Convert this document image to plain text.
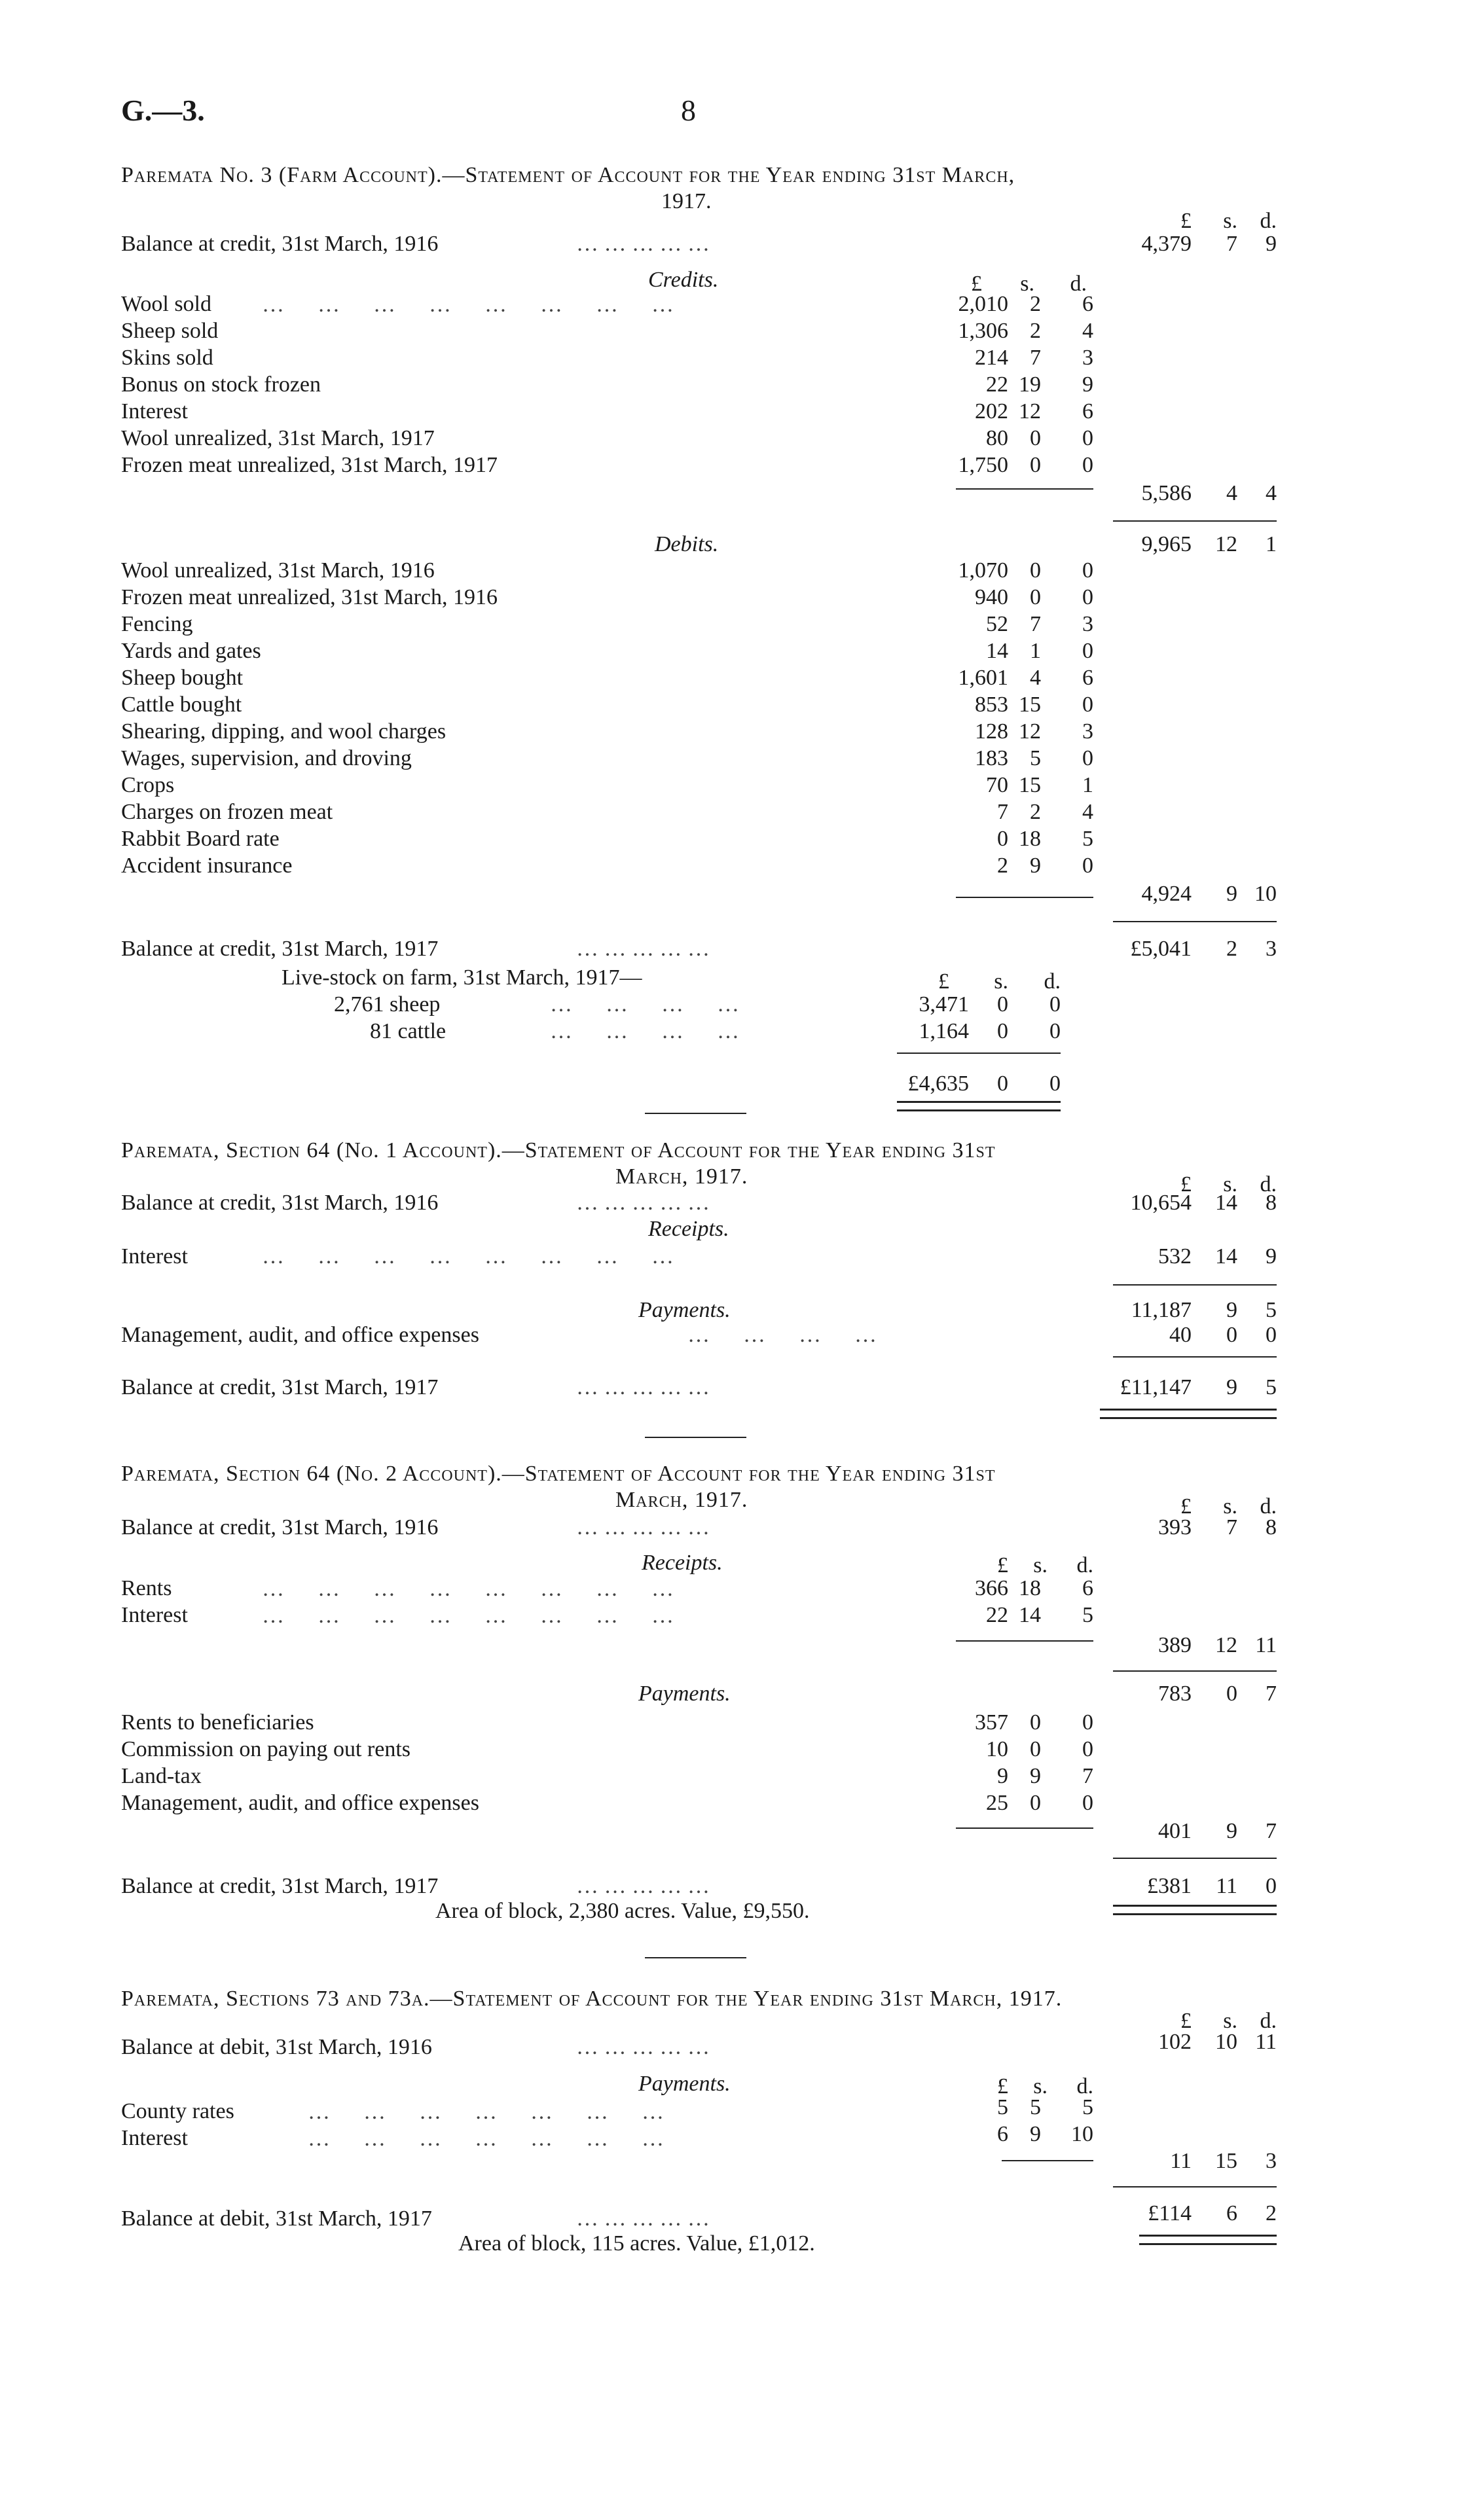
G.—3.	8
Paremata No. 3 (Farm Account).—Statement of Account for the Year ending 31st March,
1917.
£	s.	d.
Balance at credit, 31st March, 1916	… … … … …	4,379	7	9
Credits.	£	s.	d.
Wool sold	2,010 2	6
Sheep sold	1,306 2	4
Skins sold	214 7	3
Bonus on stock frozen	22 19	9
Interest	202 12	6
Wool unrealized, 31st March, 1917	80 0	0
Frozen meat unrealized, 31st March, 1917	1,750 0	0
…      …      …      …      …      …      …      …
5,586	4	4
Debits.	9,965	12	1
Wool unrealized, 31st March, 1916	1,070 0	0
Frozen meat unrealized, 31st March, 1916	940 0	0
Fencing	52 7	3
Yards and gates	14 1	0
Sheep bought	1,601 4	6
Cattle bought	853 15	0
Shearing, dipping, and wool charges	128 12	3
Wages, supervision, and droving	183 5	0
Crops	70 15	1
Charges on frozen meat	7 2	4
Rabbit Board rate	0 18	5
Accident insurance	2 9	0
4,924	9 10
Balance at credit, 31st March, 1917	… … … … …	£5,041	2	3
Live-stock on farm, 31st March, 1917—	£	s.	d.
2,761 sheep	…      …      …      …	3,471	0	0
81 cattle	…      …      …      …	1,164	0	0
£4,635	0	0
Paremata, Section 64 (No. 1 Account).—Statement of Account for the Year ending 31st
March, 1917.	£	s.	d.
Balance at credit, 31st March, 1916	… … … … …	10,654	14	8
Receipts.
Interest	…      …      …      …      …      …      …      …	532	14	9
Payments.	11,187	9	5
Management, audit, and office expenses	…      …      …      …	40	0	0
Balance at credit, 31st March, 1917	… … … … …	£11,147	9	5
Paremata, Section 64 (No. 2 Account).—Statement of Account for the Year ending 31st
March, 1917.	£	s.	d.
Balance at credit, 31st March, 1916	… … … … …	393	7	8
Receipts.	£	s.	d.
Rents	366 18	6
Interest	22 14	5
…      …      …      …      …      …      …      …
…      …      …      …      …      …      …      …
389	12 11
Payments.	783	0	7
Rents to beneficiaries	357 0	0
Commission on paying out rents	10 0	0
Land-tax	9 9	7
Management, audit, and office expenses	25 0	0
401	9	7
Balance at credit, 31st March, 1917	… … … … …	£381	11	0
Area of block, 2,380 acres. Value, £9,550.
Paremata, Sections 73 and 73a.—Statement of Account for the Year ending 31st March, 1917.
£	s.	d.
Balance at debit, 31st March, 1916	… … … … …	102	10 11
Payments.	£	s.	d.
County rates	5 5	5
Interest	6 9	10
…      …      …      …      …      …      …
…      …      …      …      …      …      …
11	15	3
Balance at debit, 31st March, 1917	… … … … …	£114	6	2
Area of block, 115 acres. Value, £1,012.
